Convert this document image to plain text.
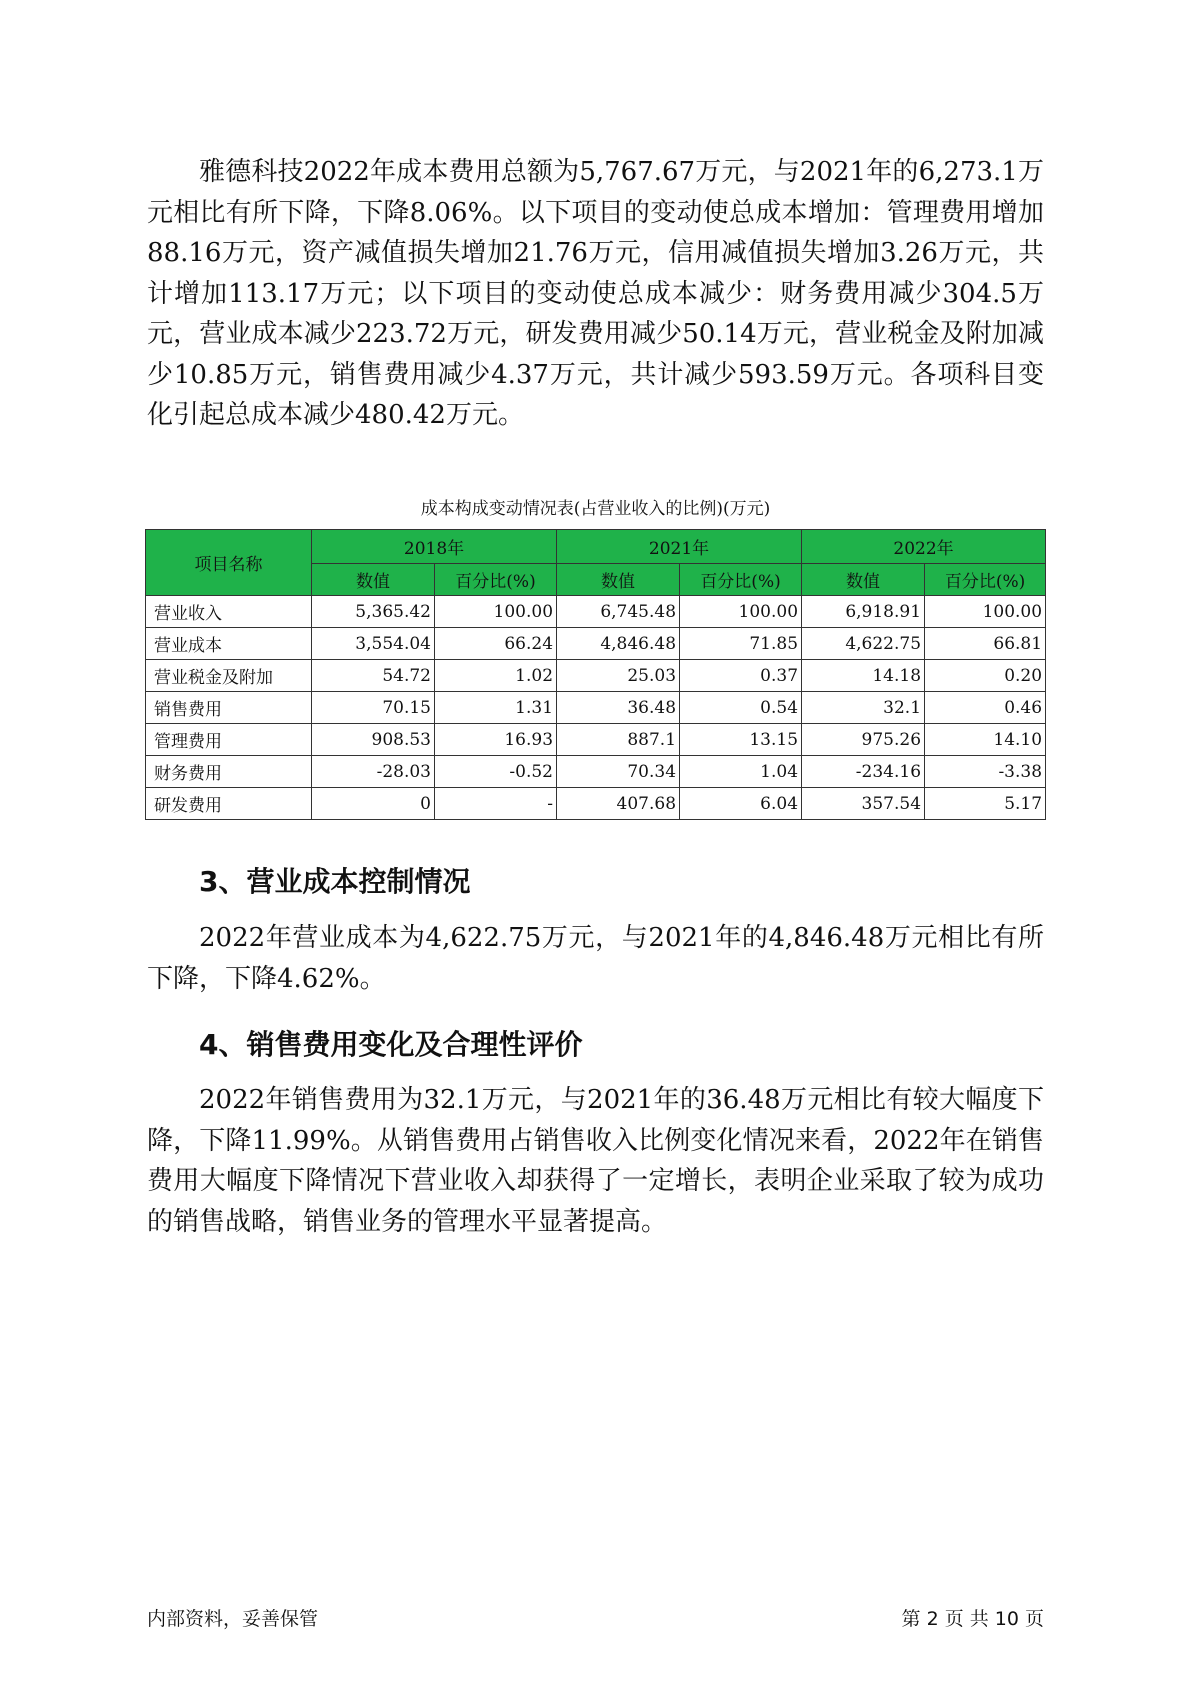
雅德科技2022年成本费用总额为5,767.67万元，与2021年的6,273.1万元相比有所下降，下降8.06%。以下项目的变动使总成本增加：管理费用增加88.16万元，资产减值损失增加21.76万元，信用减值损失增加3.26万元，共计增加113.17万元；以下项目的变动使总成本减少：财务费用减少304.5万元，营业成本减少223.72万元，研发费用减少50.14万元，营业税金及附加减少10.85万元，销售费用减少4.37万元，共计减少593.59万元。各项科目变化引起总成本减少480.42万元。

成本构成变动情况表(占营业收入的比例)(万元)
项目名称	2018年		2021年		2022年	
	数值	百分比(%)	数值	百分比(%)	数值	百分比(%)
营业收入	5,365.42	100.00	6,745.48	100.00	6,918.91	100.00
营业成本	3,554.04	66.24	4,846.48	71.85	4,622.75	66.81
营业税金及附加	54.72	1.02	25.03	0.37	14.18	0.20
销售费用	70.15	1.31	36.48	0.54	32.1	0.46
管理费用	908.53	16.93	887.1	13.15	975.26	14.10
财务费用	-28.03	-0.52	70.34	1.04	-234.16	-3.38
研发费用	0	-	407.68	6.04	357.54	5.17
3、营业成本控制情况

2022年营业成本为4,622.75万元，与2021年的4,846.48万元相比有所下降，下降4.62%。

4、销售费用变化及合理性评价

2022年销售费用为32.1万元，与2021年的36.48万元相比有较大幅度下降，下降11.99%。从销售费用占销售收入比例变化情况来看，2022年在销售费用大幅度下降情况下营业收入却获得了一定增长，表明企业采取了较为成功的销售战略，销售业务的管理水平显著提高。

内部资料，妥善保管	第 2 页 共 10 页
